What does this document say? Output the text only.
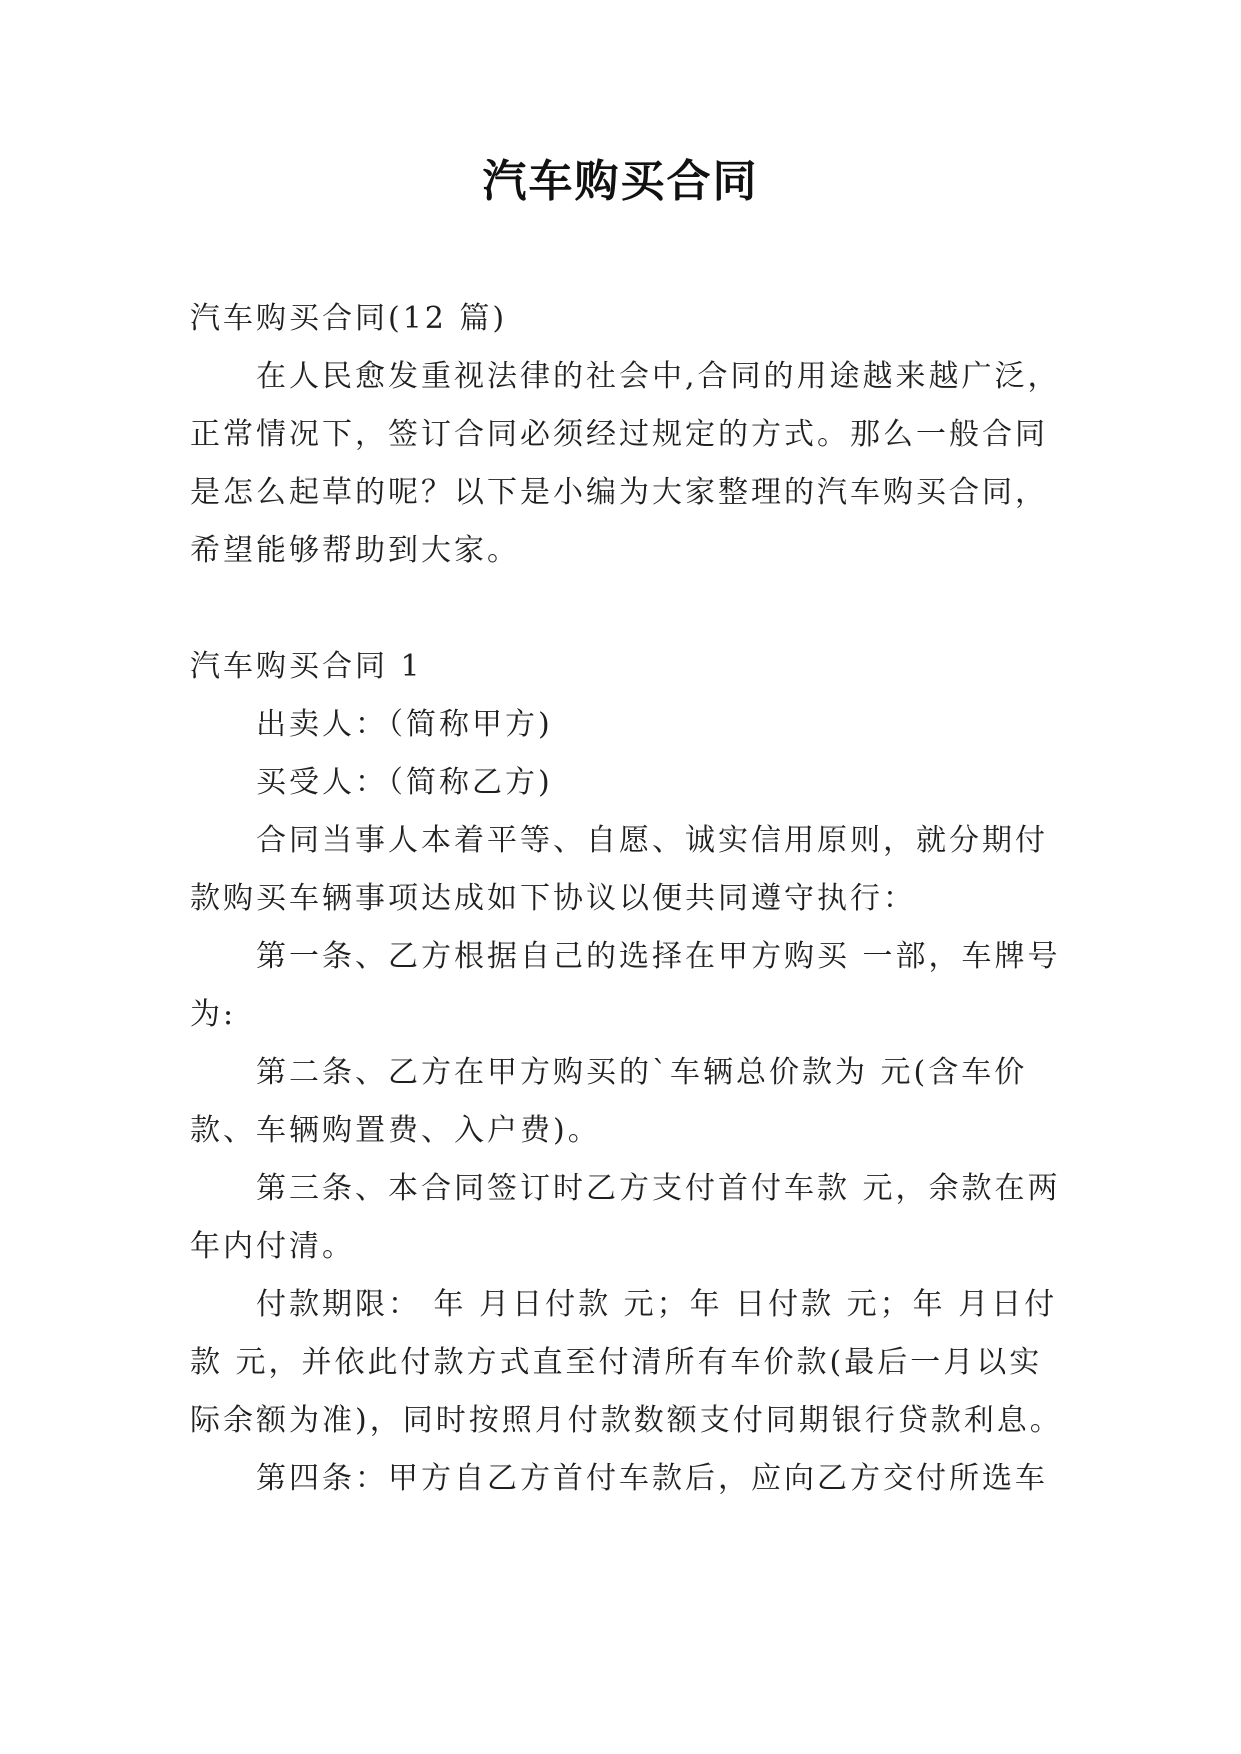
汽车购买合同

汽车购买合同(12 篇)

在人民愈发重视法律的社会中,合同的用途越来越广泛，正常情况下，签订合同必须经过规定的方式。那么一般合同是怎么起草的呢？以下是小编为大家整理的汽车购买合同，希望能够帮助到大家。

汽车购买合同 1

出卖人：（简称甲方)

买受人：（简称乙方)

合同当事人本着平等、自愿、诚实信用原则，就分期付款购买车辆事项达成如下协议以便共同遵守执行：

第一条、乙方根据自己的选择在甲方购买 一部，车牌号为:

第二条、乙方在甲方购买的`车辆总价款为 元(含车价款、车辆购置费、入户费)。

第三条、本合同签订时乙方支付首付车款 元，余款在两年内付清。

付款期限： 年 月日付款 元；年 日付款 元；年 月日付款 元，并依此付款方式直至付清所有车价款(最后一月以实际余额为准)，同时按照月付款数额支付同期银行贷款利息。

第四条：甲方自乙方首付车款后，应向乙方交付所选车
